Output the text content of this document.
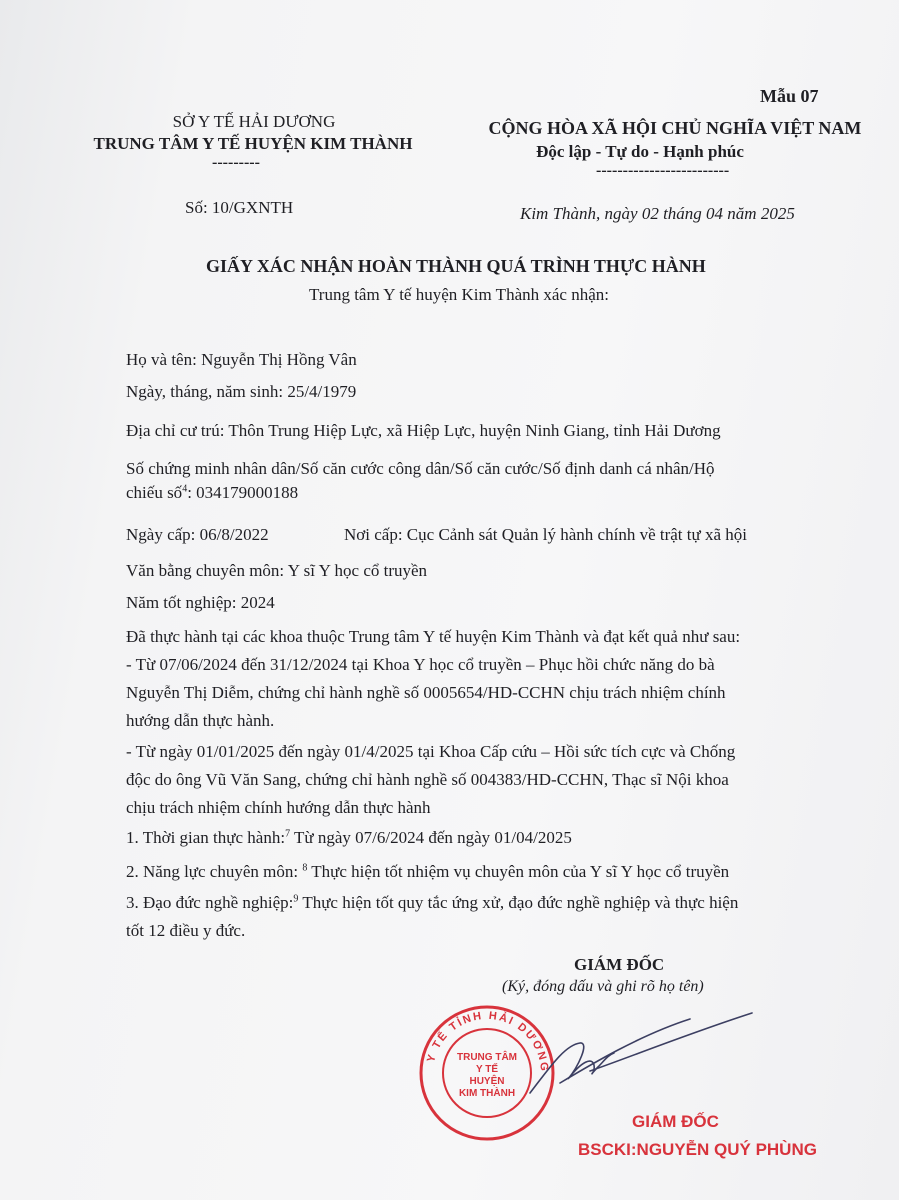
Mẫu 07
SỞ Y TẾ HẢI DƯƠNG
TRUNG TÂM Y TẾ HUYỆN KIM THÀNH
---------
CỘNG HÒA XÃ HỘI CHỦ NGHĨA VIỆT NAM
Độc lập - Tự do - Hạnh phúc
-------------------------
Số: 10/GXNTH	Kim Thành, ngày 02 tháng 04 năm 2025
GIẤY XÁC NHẬN HOÀN THÀNH QUÁ TRÌNH THỰC HÀNH
Trung tâm Y tế huyện Kim Thành xác nhận:
Họ và tên: Nguyễn Thị Hồng Vân
Ngày, tháng, năm sinh: 25/4/1979
Địa chỉ cư trú: Thôn Trung Hiệp Lực, xã Hiệp Lực, huyện Ninh Giang, tỉnh Hải Dương
Số chứng minh nhân dân/Số căn cước công dân/Số căn cước/Số định danh cá nhân/Hộ
chiếu số$^4$: 034179000188
Ngày cấp: 06/8/2022	Nơi cấp: Cục Cảnh sát Quản lý hành chính về trật tự xã hội
Văn bằng chuyên môn: Y sĩ Y học cổ truyền
Năm tốt nghiệp: 2024
Đã thực hành tại các khoa thuộc Trung tâm Y tế huyện Kim Thành và đạt kết quả như sau:
- Từ 07/06/2024 đến 31/12/2024 tại Khoa Y học cổ truyền – Phục hồi chức năng do bà
Nguyễn Thị Diễm, chứng chỉ hành nghề số 0005654/HD-CCHN chịu trách nhiệm chính
hướng dẫn thực hành.
- Từ ngày 01/01/2025 đến ngày 01/4/2025 tại Khoa Cấp cứu – Hồi sức tích cực và Chống
độc do ông Vũ Văn Sang, chứng chỉ hành nghề số 004383/HD-CCHN, Thạc sĩ Nội khoa
chịu trách nhiệm chính hướng dẫn thực hành
1. Thời gian thực hành:$^7$ Từ ngày 07/6/2024 đến ngày 01/04/2025
2. Năng lực chuyên môn: $^8$ Thực hiện tốt nhiệm vụ chuyên môn của Y sĩ Y học cổ truyền
3. Đạo đức nghề nghiệp:$^9$ Thực hiện tốt quy tắc ứng xử, đạo đức nghề nghiệp và thực hiện
tốt 12 điều y đức.
GIÁM ĐỐC
(Ký, đóng dấu và ghi rõ họ tên)
Y TẾ TỈNH HẢI DƯƠNG
TRUNG TÂM
Y TẾ
HUYỆN
KIM THÀNH
GIÁM ĐỐC
BSCKI:NGUYỄN QUÝ PHÙNG
